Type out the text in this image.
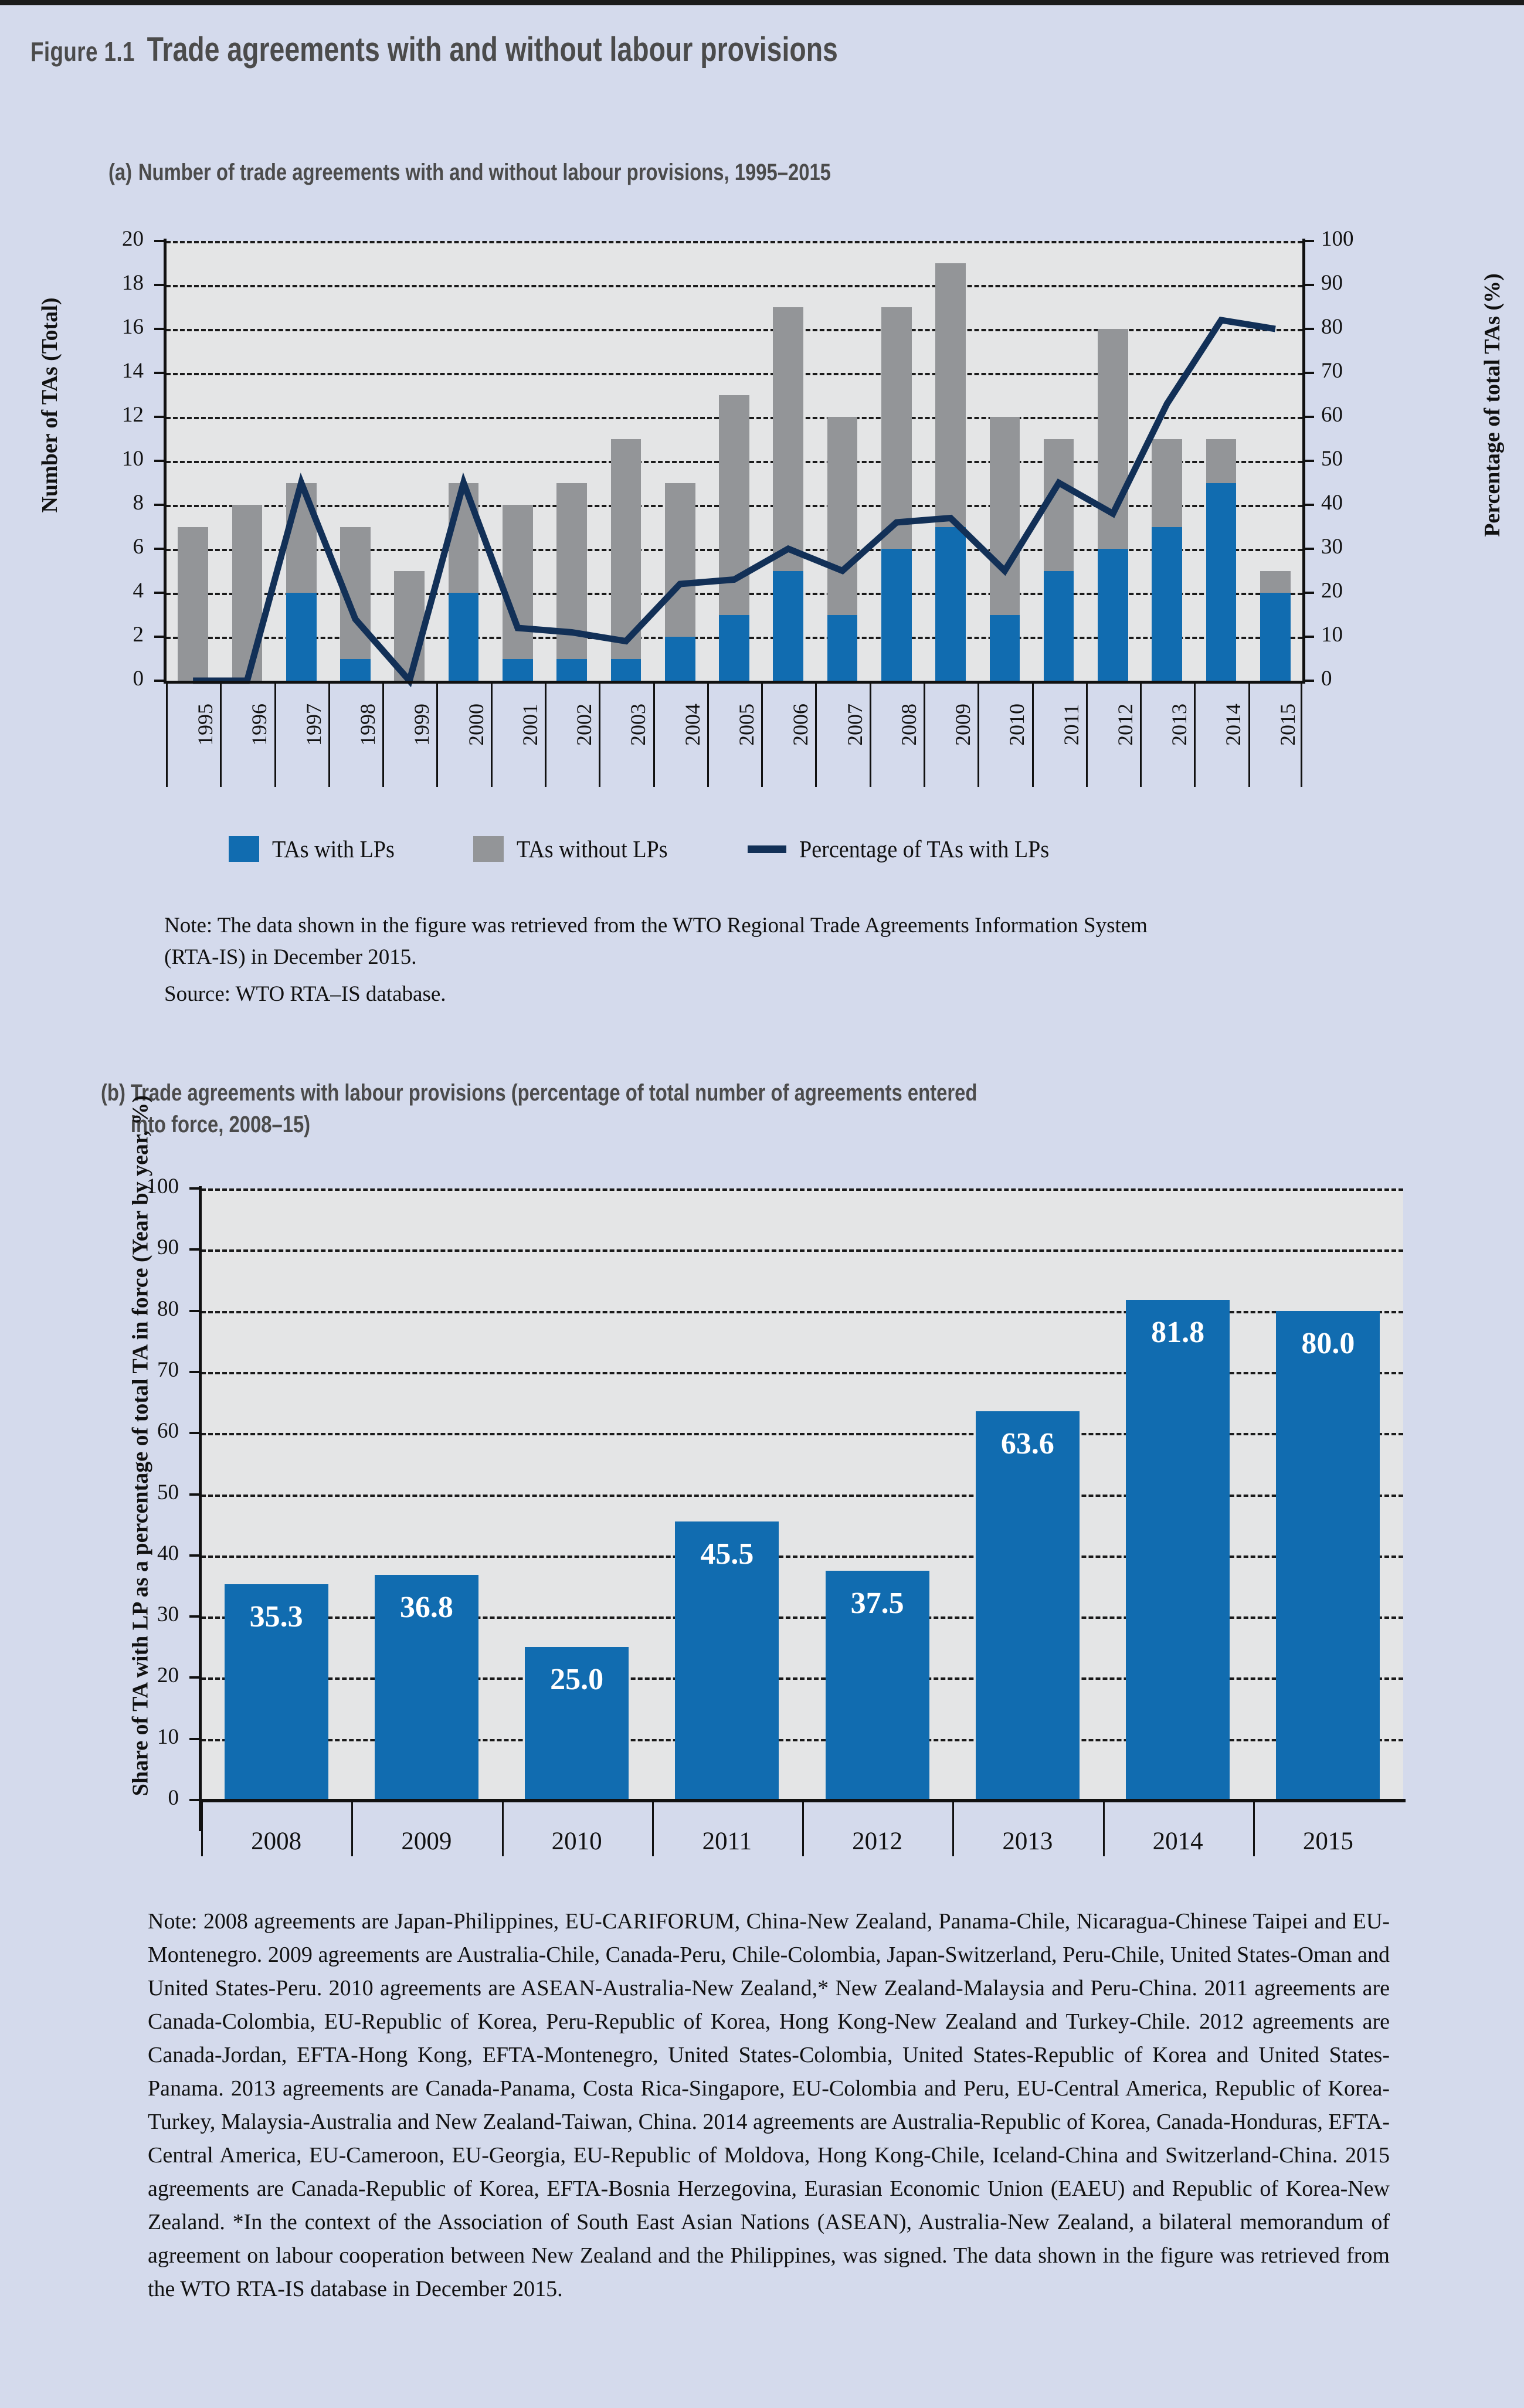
Figure 1.1 Trade agreements with and without labour provisions
(a) Number of trade agreements with and without labour provisions, 1995–2015
Number of TAs (Total)	Percentage of total TAs (%)
0
2
4
6
8
10
12
14
16
18
20
0
10
20
30
40
50
60
70
80
90
100
1995 1996 1997 1998 1999 2000 2001 2002 2003 2004 2005 2006 2007 2008 2009 2010 2011 2012 2013 2014 2015
TAs with LPs	TAs without LPs	Percentage of TAs with LPs
Note: The data shown in the figure was retrieved from the WTO Regional Trade Agreements Information System (RTA-IS) in December 2015.
Source: WTO RTA–IS database.
(b) Trade agreements with labour provisions (percentage of total number of agreements entered
into force, 2008–15)
Share of TA with LP as a percentage of total TA in force (Year by year, %)	35.3	36.8
25.0
45.5
37.5
63.6
81.8	80.0
0
10
20
30
40
50
60
70
80
90
100
2008	2009	2010	2011	2012	2013	2014	2015
Note: 2008 agreements are Japan-Philippines, EU-CARIFORUM, China-New Zealand, Panama-Chile, Nicaragua-Chinese Taipei and EU-Montenegro. 2009 agreements are Australia-Chile, Canada-Peru, Chile-Colombia, Japan-Switzerland, Peru-Chile, United States-Oman and United States-Peru. 2010 agreements are ASEAN-Australia-New Zealand,* New Zealand-Malaysia and Peru-China. 2011 agreements are Canada-Colombia, EU-Republic of Korea, Peru-Republic of Korea, Hong Kong-New Zealand and Turkey-Chile. 2012 agreements are Canada-Jordan, EFTA-Hong Kong, EFTA-Montenegro, United States-Colombia, United States-Republic of Korea and United States-Panama. 2013 agreements are Canada-Panama, Costa Rica-Singapore, EU-Colombia and Peru, EU-Central America, Republic of Korea-Turkey, Malaysia-Australia and New Zealand-Taiwan, China. 2014 agreements are Australia-Republic of Korea, Canada-Honduras, EFTA-Central America, EU-Cameroon, EU-Georgia, EU-Republic of Moldova, Hong Kong-Chile, Iceland-China and Switzerland-China. 2015 agreements are Canada-Republic of Korea, EFTA-Bosnia Herzegovina, Eurasian Economic Union (EAEU) and Republic of Korea-New Zealand. *In the context of the Association of South East Asian Nations (ASEAN), Australia-New Zealand, a bilateral memorandum of agreement on labour cooperation between New Zealand and the Philippines, was signed. The data shown in the figure was retrieved from the WTO RTA-IS database in December 2015.
